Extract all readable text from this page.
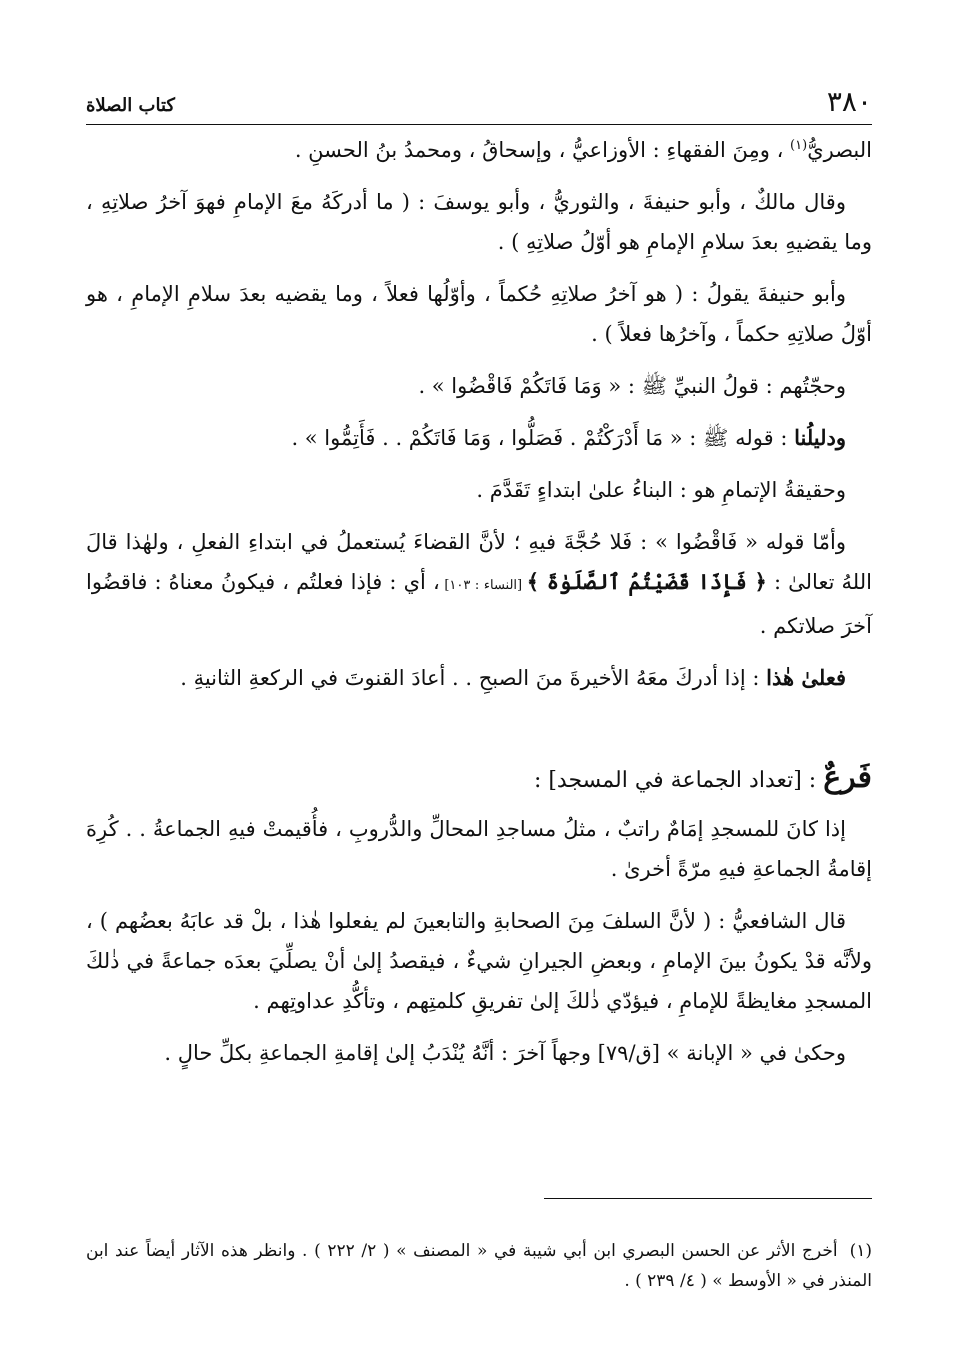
٣٨٠
كتاب الصلاة

البصريُّ$^{(١)}$ ، ومِنَ الفقهاءِ : الأوزاعيُّ ، وإسحاقُ ، ومحمدُ بنُ الحسنِ .

وقال مالكٌ ، وأبو حنيفةَ ، والثوريُّ ، وأبو يوسفَ : ( ما أدركَهُ معَ الإمامِ فهوَ آخرُ صلاتِهِ ، وما يقضيهِ بعدَ سلامِ الإمامِ هو أوّلُ صلاتِهِ ) .

وأبو حنيفةَ يقولُ : ( هو آخرُ صلاتِهِ حُكماً ، وأوّلُها فعلاً ، وما يقضيه بعدَ سلامِ الإمامِ ، هو أوّلُ صلاتِهِ حكماً ، وآخرُها فعلاً ) .

وحجّتُهم : قولُ النبيِّ ﷺ : « وَمَا فَاتَكُمْ فَاقْضُوا » .

ودليلُنا : قوله ﷺ : « مَا أَدْرَكْتُمْ . فَصَلُّوا ، وَمَا فَاتَكُمْ . . فَأَتِمُّوا » .

وحقيقةُ الإتمامِ هو : البناءُ علىٰ ابتداءٍ تَقَدَّمَ .

وأمّا قوله « فَاقْضُوا » : فَلا حُجَّةَ فيهِ ؛ لأنَّ القضاءَ يُستعملُ في ابتداءِ الفعلِ ، ولهٰذا قالَ اللهُ تعالىٰ : ﴿ فَإِذَا قَضَيْتُمُ ٱلصَّلَوٰةَ ﴾ [النساء : ١٠٣] ، أي : فإذا فعلتُم ، فيكونُ معناهُ : فاقضُوا آخرَ صلاتكم .

فعلىٰ هٰذا : إذا أدركَ معَهُ الأخيرةَ منَ الصبحِ . . أعادَ القنوتَ في الركعةِ الثانيةِ .

فَرعٌ : [تعداد الجماعة في المسجد] :

إذا كانَ للمسجدِ إمَامٌ راتبٌ ، مثلُ مساجدِ المحالِّ والدُّروبِ ، فأُقيمتْ فيهِ الجماعةُ . . كُرِهَ إقامةُ الجماعةِ فيهِ مرّةً أخرىٰ .

قال الشافعيُّ : ( لأنَّ السلفَ مِنَ الصحابةِ والتابعينَ لم يفعلوا هٰذا ، بلْ قد عابَهُ بعضُهم ) ، ولأنَّه قدْ يكونُ بينَ الإمامِ ، وبعضِ الجيرانِ شيءٌ ، فيقصدُ إلىٰ أنْ يصلِّيَ بعدَه جماعةً في ذٰلكَ المسجدِ مغايظةً للإمامِ ، فيؤدّي ذٰلكَ إلىٰ تفريقِ كلمتِهم ، وتأكُّدِ عداوتِهم .

وحكىٰ في « الإبانة » [ق/٧٩] وجهاً آخرَ : أنَّهُ يُنْدَبُ إلىٰ إقامةِ الجماعةِ بكلِّ حالٍ .

(١)أخرج الأثر عن الحسن البصري ابن أبي شيبة في « المصنف » ( ٢/ ٢٢٢ ) . وانظر هذه الآثار أيضاً عند ابن المنذر في « الأوسط » ( ٤/ ٢٣٩ ) .
